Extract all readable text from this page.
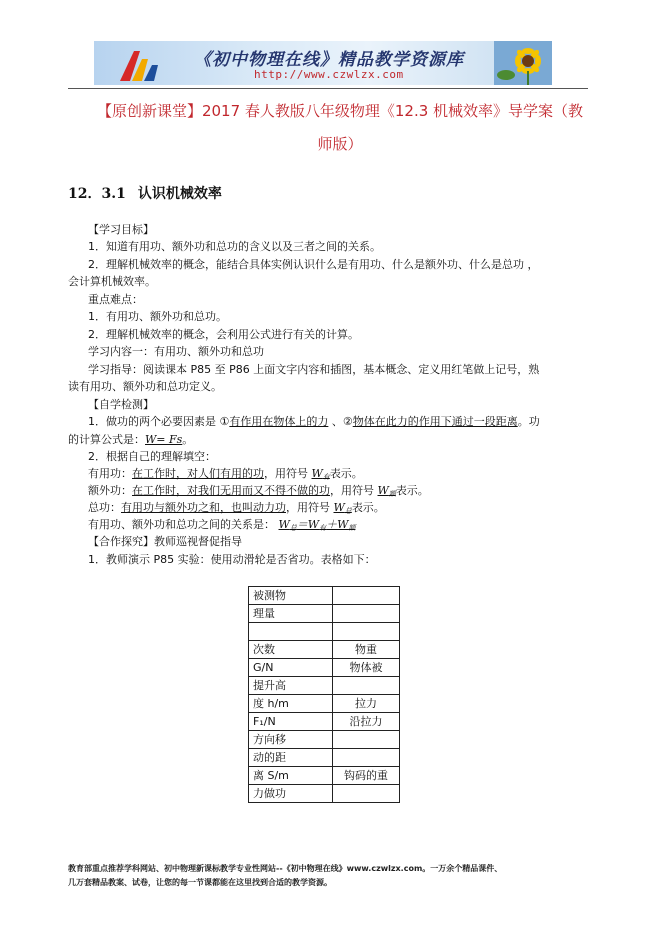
《初中物理在线》精品教学资源库
http://www.czwlzx.com
【原创新课堂】2017 春人教版八年级物理《12.3 机械效率》导学案（教
师版）
12．3.1 认识机械效率
【学习目标】
1．知道有用功、额外功和总功的含义以及三者之间的关系。
2．理解机械效率的概念，能结合具体实例认识什么是有用功、什么是额外功、什么是总功 ，
会计算机械效率。
重点难点：
1．有用功、额外功和总功。
2．理解机械效率的概念，会利用公式进行有关的计算。
学习内容一：有用功、额外功和总功
学习指导：阅读课本 P85 至 P86 上面文字内容和插图，基本概念、定义用红笔做上记号，熟
读有用功、额外功和总功定义。
【自学检测】
1．做功的两个必要因素是 ①有作用在物体上的力 、②物体在此力的作用下通过一段距离。功
的计算公式是：W= Fs。
2．根据自己的理解填空：
有用功：在工作时，对人们有用的功，用符号 $W_有$表示。
额外功：在工作时，对我们无用而又不得不做的功，用符号 $W_额$表示。
总功：有用功与额外功之和，也叫动力功，用符号 $W_总$表示。
有用功、额外功和总功之间的关系是： $W_总=W_有+W_额$
【合作探究】教师巡视督促指导
1．教师演示 P85 实验：使用动滑轮是否省功。表格如下：
被测物	
理量	

次数	物重
G/N	物体被
提升高	
度 h/m	拉力
F₁/N	沿拉力
方向移	
动的距	
离 S/m	钩码的重
力做功	
教育部重点推荐学科网站、初中物理新课标教学专业性网站--《初中物理在线》www.czwlzx.com。一万余个精品课件、
几万套精品教案、试卷，让您的每一节课都能在这里找到合适的教学资源。
